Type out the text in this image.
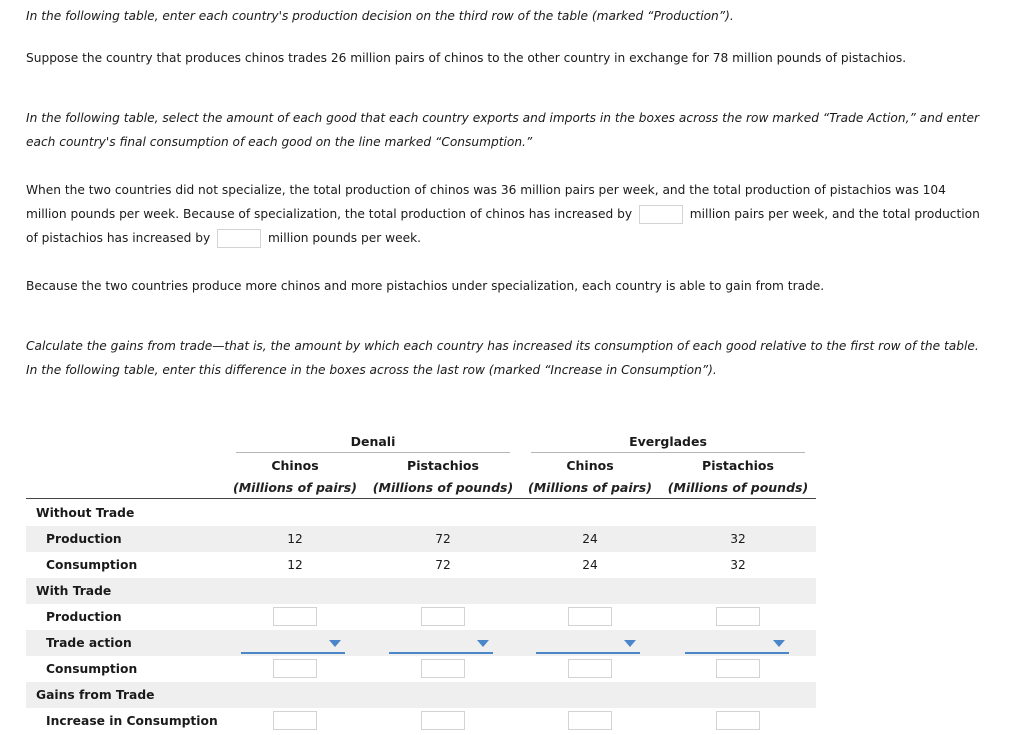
In the following table, enter each country's production decision on the third row of the table (marked “Production”).
Suppose the country that produces chinos trades 26 million pairs of chinos to the other country in exchange for 78 million pounds of pistachios.
In the following table, select the amount of each good that each country exports and imports in the boxes across the row marked “Trade Action,” and enter each country's final consumption of each good on the line marked “Consumption.”
When the two countries did not specialize, the total production of chinos was 36 million pairs per week, and the total production of pistachios was 104 million pounds per week. Because of specialization, the total production of chinos has increased by	million pairs per week, and the total production of pistachios has increased by	million pounds per week.
Because the two countries produce more chinos and more pistachios under specialization, each country is able to gain from trade.
Calculate the gains from trade—that is, the amount by which each country has increased its consumption of each good relative to the first row of the table. In the following table, enter this difference in the boxes across the last row (marked “Increase in Consumption”).
Denali	Everglades
Chinos	Pistachios	Chinos	Pistachios
(Millions of pairs)	(Millions of pounds)	(Millions of pairs)	(Millions of pounds)
Without Trade
Production	12	72	24	32
Consumption	12	72	24	32
With Trade
Production
Trade action
Consumption
Gains from Trade
Increase in Consumption
